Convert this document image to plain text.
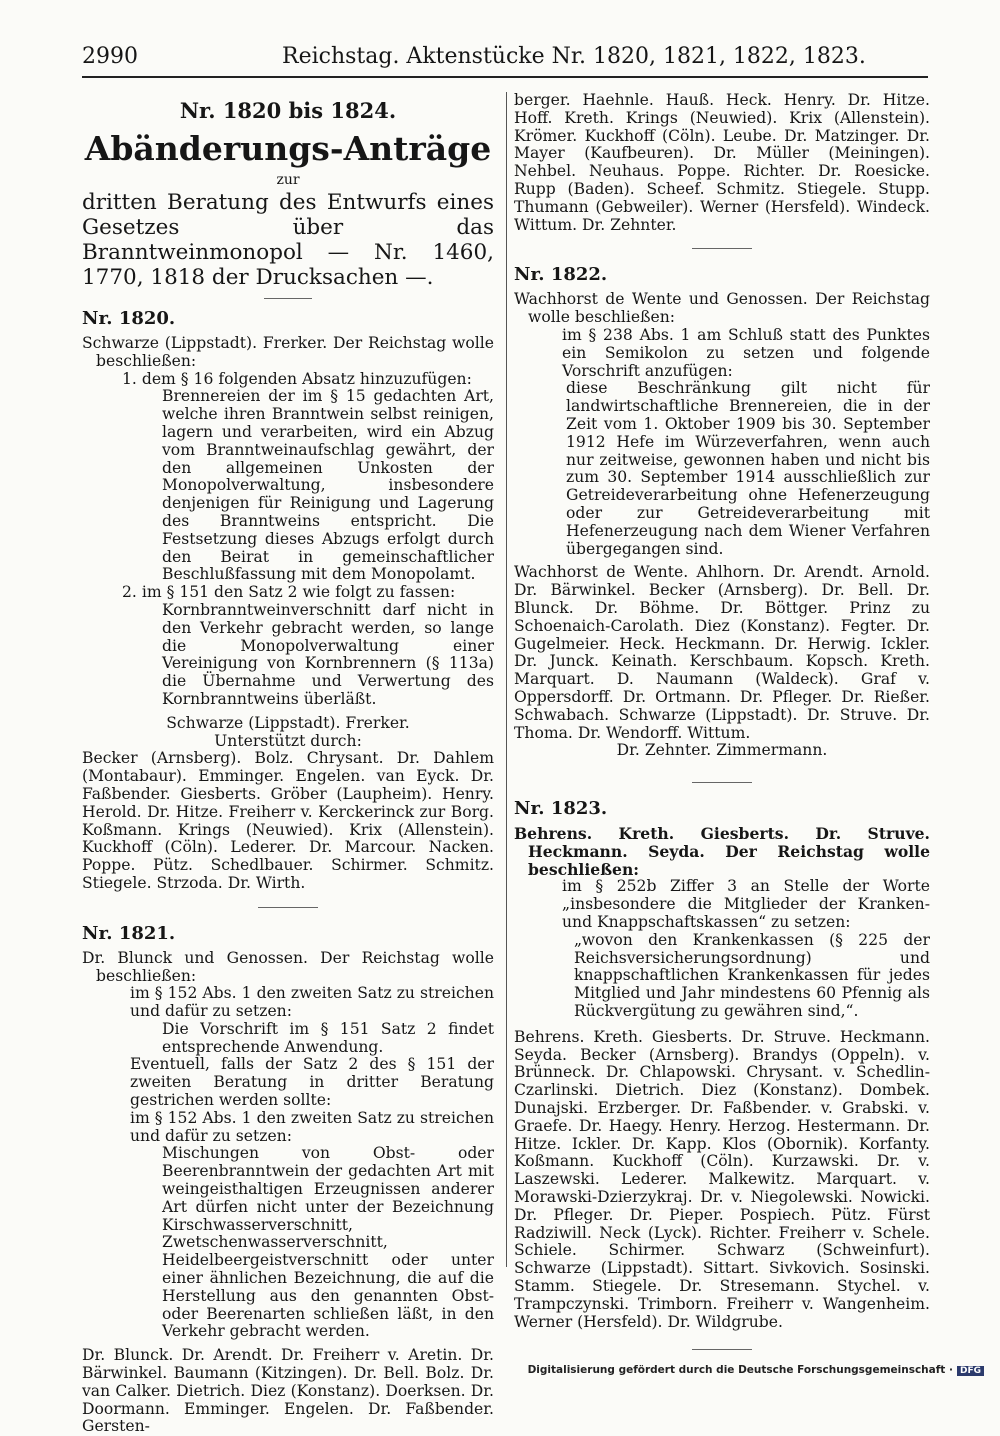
2990	Reichstag. Aktenstücke Nr. 1820, 1821, 1822, 1823.

Nr. 1820 bis 1824.

Abänderungs-Anträge

zur

dritten Beratung des Entwurfs eines Gesetzes über das Branntweinmonopol — Nr. 1460, 1770, 1818 der Drucksachen —.

Nr. 1820.

Schwarze (Lippstadt). Frerker. Der Reichstag wolle beschließen:

1. dem § 16 folgenden Absatz hinzuzufügen:

Brennereien der im § 15 gedachten Art, welche ihren Branntwein selbst reinigen, lagern und verarbeiten, wird ein Abzug vom Branntweinaufschlag gewährt, der den allgemeinen Unkosten der Monopolverwaltung, insbesondere denjenigen für Reinigung und Lagerung des Branntweins entspricht. Die Festsetzung dieses Abzugs erfolgt durch den Beirat in gemeinschaftlicher Beschlußfassung mit dem Monopolamt.

2. im § 151 den Satz 2 wie folgt zu fassen:

Kornbranntweinverschnitt darf nicht in den Verkehr gebracht werden, so lange die Monopolverwaltung einer Vereinigung von Kornbrennern (§ 113a) die Übernahme und Verwertung des Kornbranntweins überläßt.

Schwarze (Lippstadt). Frerker.

Unterstützt durch:

Becker (Arnsberg). Bolz. Chrysant. Dr. Dahlem (Montabaur). Emminger. Engelen. van Eyck. Dr. Faßbender. Giesberts. Gröber (Laupheim). Henry. Herold. Dr. Hitze. Freiherr v. Kerckerinck zur Borg. Koßmann. Krings (Neuwied). Krix (Allenstein). Kuckhoff (Cöln). Lederer. Dr. Marcour. Nacken. Poppe. Pütz. Schedlbauer. Schirmer. Schmitz. Stiegele. Strzoda. Dr. Wirth.

Nr. 1821.

Dr. Blunck und Genossen. Der Reichstag wolle beschließen:

im § 152 Abs. 1 den zweiten Satz zu streichen und dafür zu setzen:

Die Vorschrift im § 151 Satz 2 findet entsprechende Anwendung.

Eventuell, falls der Satz 2 des § 151 der zweiten Beratung in dritter Beratung gestrichen werden sollte:

im § 152 Abs. 1 den zweiten Satz zu streichen und dafür zu setzen:

Mischungen von Obst- oder Beerenbranntwein der gedachten Art mit weingeisthaltigen Erzeugnissen anderer Art dürfen nicht unter der Bezeichnung Kirschwasserverschnitt, Zwetschenwasserverschnitt, Heidelbeergeistverschnitt oder unter einer ähnlichen Bezeichnung, die auf die Herstellung aus den genannten Obst- oder Beerenarten schließen läßt, in den Verkehr gebracht werden.

Dr. Blunck. Dr. Arendt. Dr. Freiherr v. Aretin. Dr. Bärwinkel. Baumann (Kitzingen). Dr. Bell. Bolz. Dr. van Calker. Dietrich. Diez (Konstanz). Doerksen. Dr. Doormann. Emminger. Engelen. Dr. Faßbender. Gersten-

berger. Haehnle. Hauß. Heck. Henry. Dr. Hitze. Hoff. Kreth. Krings (Neuwied). Krix (Allenstein). Krömer. Kuckhoff (Cöln). Leube. Dr. Matzinger. Dr. Mayer (Kaufbeuren). Dr. Müller (Meiningen). Nehbel. Neuhaus. Poppe. Richter. Dr. Roesicke. Rupp (Baden). Scheef. Schmitz. Stiegele. Stupp. Thumann (Gebweiler). Werner (Hersfeld). Windeck. Wittum. Dr. Zehnter.

Nr. 1822.

Wachhorst de Wente und Genossen. Der Reichstag wolle beschließen:

im § 238 Abs. 1 am Schluß statt des Punktes ein Semikolon zu setzen und folgende Vorschrift anzufügen:

diese Beschränkung gilt nicht für landwirtschaftliche Brennereien, die in der Zeit vom 1. Oktober 1909 bis 30. September 1912 Hefe im Würzeverfahren, wenn auch nur zeitweise, gewonnen haben und nicht bis zum 30. September 1914 ausschließlich zur Getreideverarbeitung ohne Hefenerzeugung oder zur Getreideverarbeitung mit Hefenerzeugung nach dem Wiener Verfahren übergegangen sind.

Wachhorst de Wente. Ahlhorn. Dr. Arendt. Arnold. Dr. Bärwinkel. Becker (Arnsberg). Dr. Bell. Dr. Blunck. Dr. Böhme. Dr. Böttger. Prinz zu Schoenaich-Carolath. Diez (Konstanz). Fegter. Dr. Gugelmeier. Heck. Heckmann. Dr. Herwig. Ickler. Dr. Junck. Keinath. Kerschbaum. Kopsch. Kreth. Marquart. D. Naumann (Waldeck). Graf v. Oppersdorff. Dr. Ortmann. Dr. Pfleger. Dr. Rießer. Schwabach. Schwarze (Lippstadt). Dr. Struve. Dr. Thoma. Dr. Wendorff. Wittum.

Dr. Zehnter. Zimmermann.

Nr. 1823.

Behrens. Kreth. Giesberts. Dr. Struve. Heckmann. Seyda. Der Reichstag wolle beschließen:

im § 252b Ziffer 3 an Stelle der Worte „insbesondere die Mitglieder der Kranken- und Knappschaftskassen“ zu setzen:

„wovon den Krankenkassen (§ 225 der Reichsversicherungsordnung) und knappschaftlichen Krankenkassen für jedes Mitglied und Jahr mindestens 60 Pfennig als Rückvergütung zu gewähren sind,“.

Behrens. Kreth. Giesberts. Dr. Struve. Heckmann. Seyda. Becker (Arnsberg). Brandys (Oppeln). v. Brünneck. Dr. Chlapowski. Chrysant. v. Schedlin-Czarlinski. Dietrich. Diez (Konstanz). Dombek. Dunajski. Erzberger. Dr. Faßbender. v. Grabski. v. Graefe. Dr. Haegy. Henry. Herzog. Hestermann. Dr. Hitze. Ickler. Dr. Kapp. Klos (Obornik). Korfanty. Koßmann. Kuckhoff (Cöln). Kurzawski. Dr. v. Laszewski. Lederer. Malkewitz. Marquart. v. Morawski-Dzierzykraj. Dr. v. Niegolewski. Nowicki. Dr. Pfleger. Dr. Pieper. Pospiech. Pütz. Fürst Radziwill. Neck (Lyck). Richter. Freiherr v. Schele. Schiele. Schirmer. Schwarz (Schweinfurt). Schwarze (Lippstadt). Sittart. Sivkovich. Sosinski. Stamm. Stiegele. Dr. Stresemann. Stychel. v. Trampczynski. Trimborn. Freiherr v. Wangenheim. Werner (Hersfeld). Dr. Wildgrube.

Digitalisierung gefördert durch die Deutsche Forschungsgemeinschaft · DFG
